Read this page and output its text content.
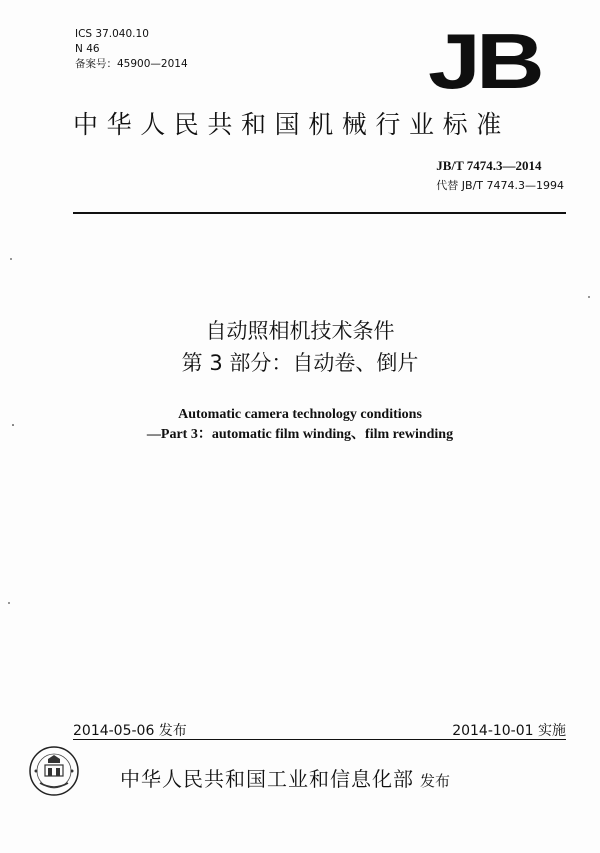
ICS 37.040.10
N 46
备案号：45900—2014	JB
中华人民共和国机械行业标准
JB/T 7474.3—2014
代替 JB/T 7474.3—1994
自动照相机技术条件
第 3 部分：自动卷、倒片
Automatic camera technology conditions
—Part 3：automatic film winding、film rewinding
2014-05-06 发布	2014-10-01 实施
中华人民共和国工业和信息化部 发布
